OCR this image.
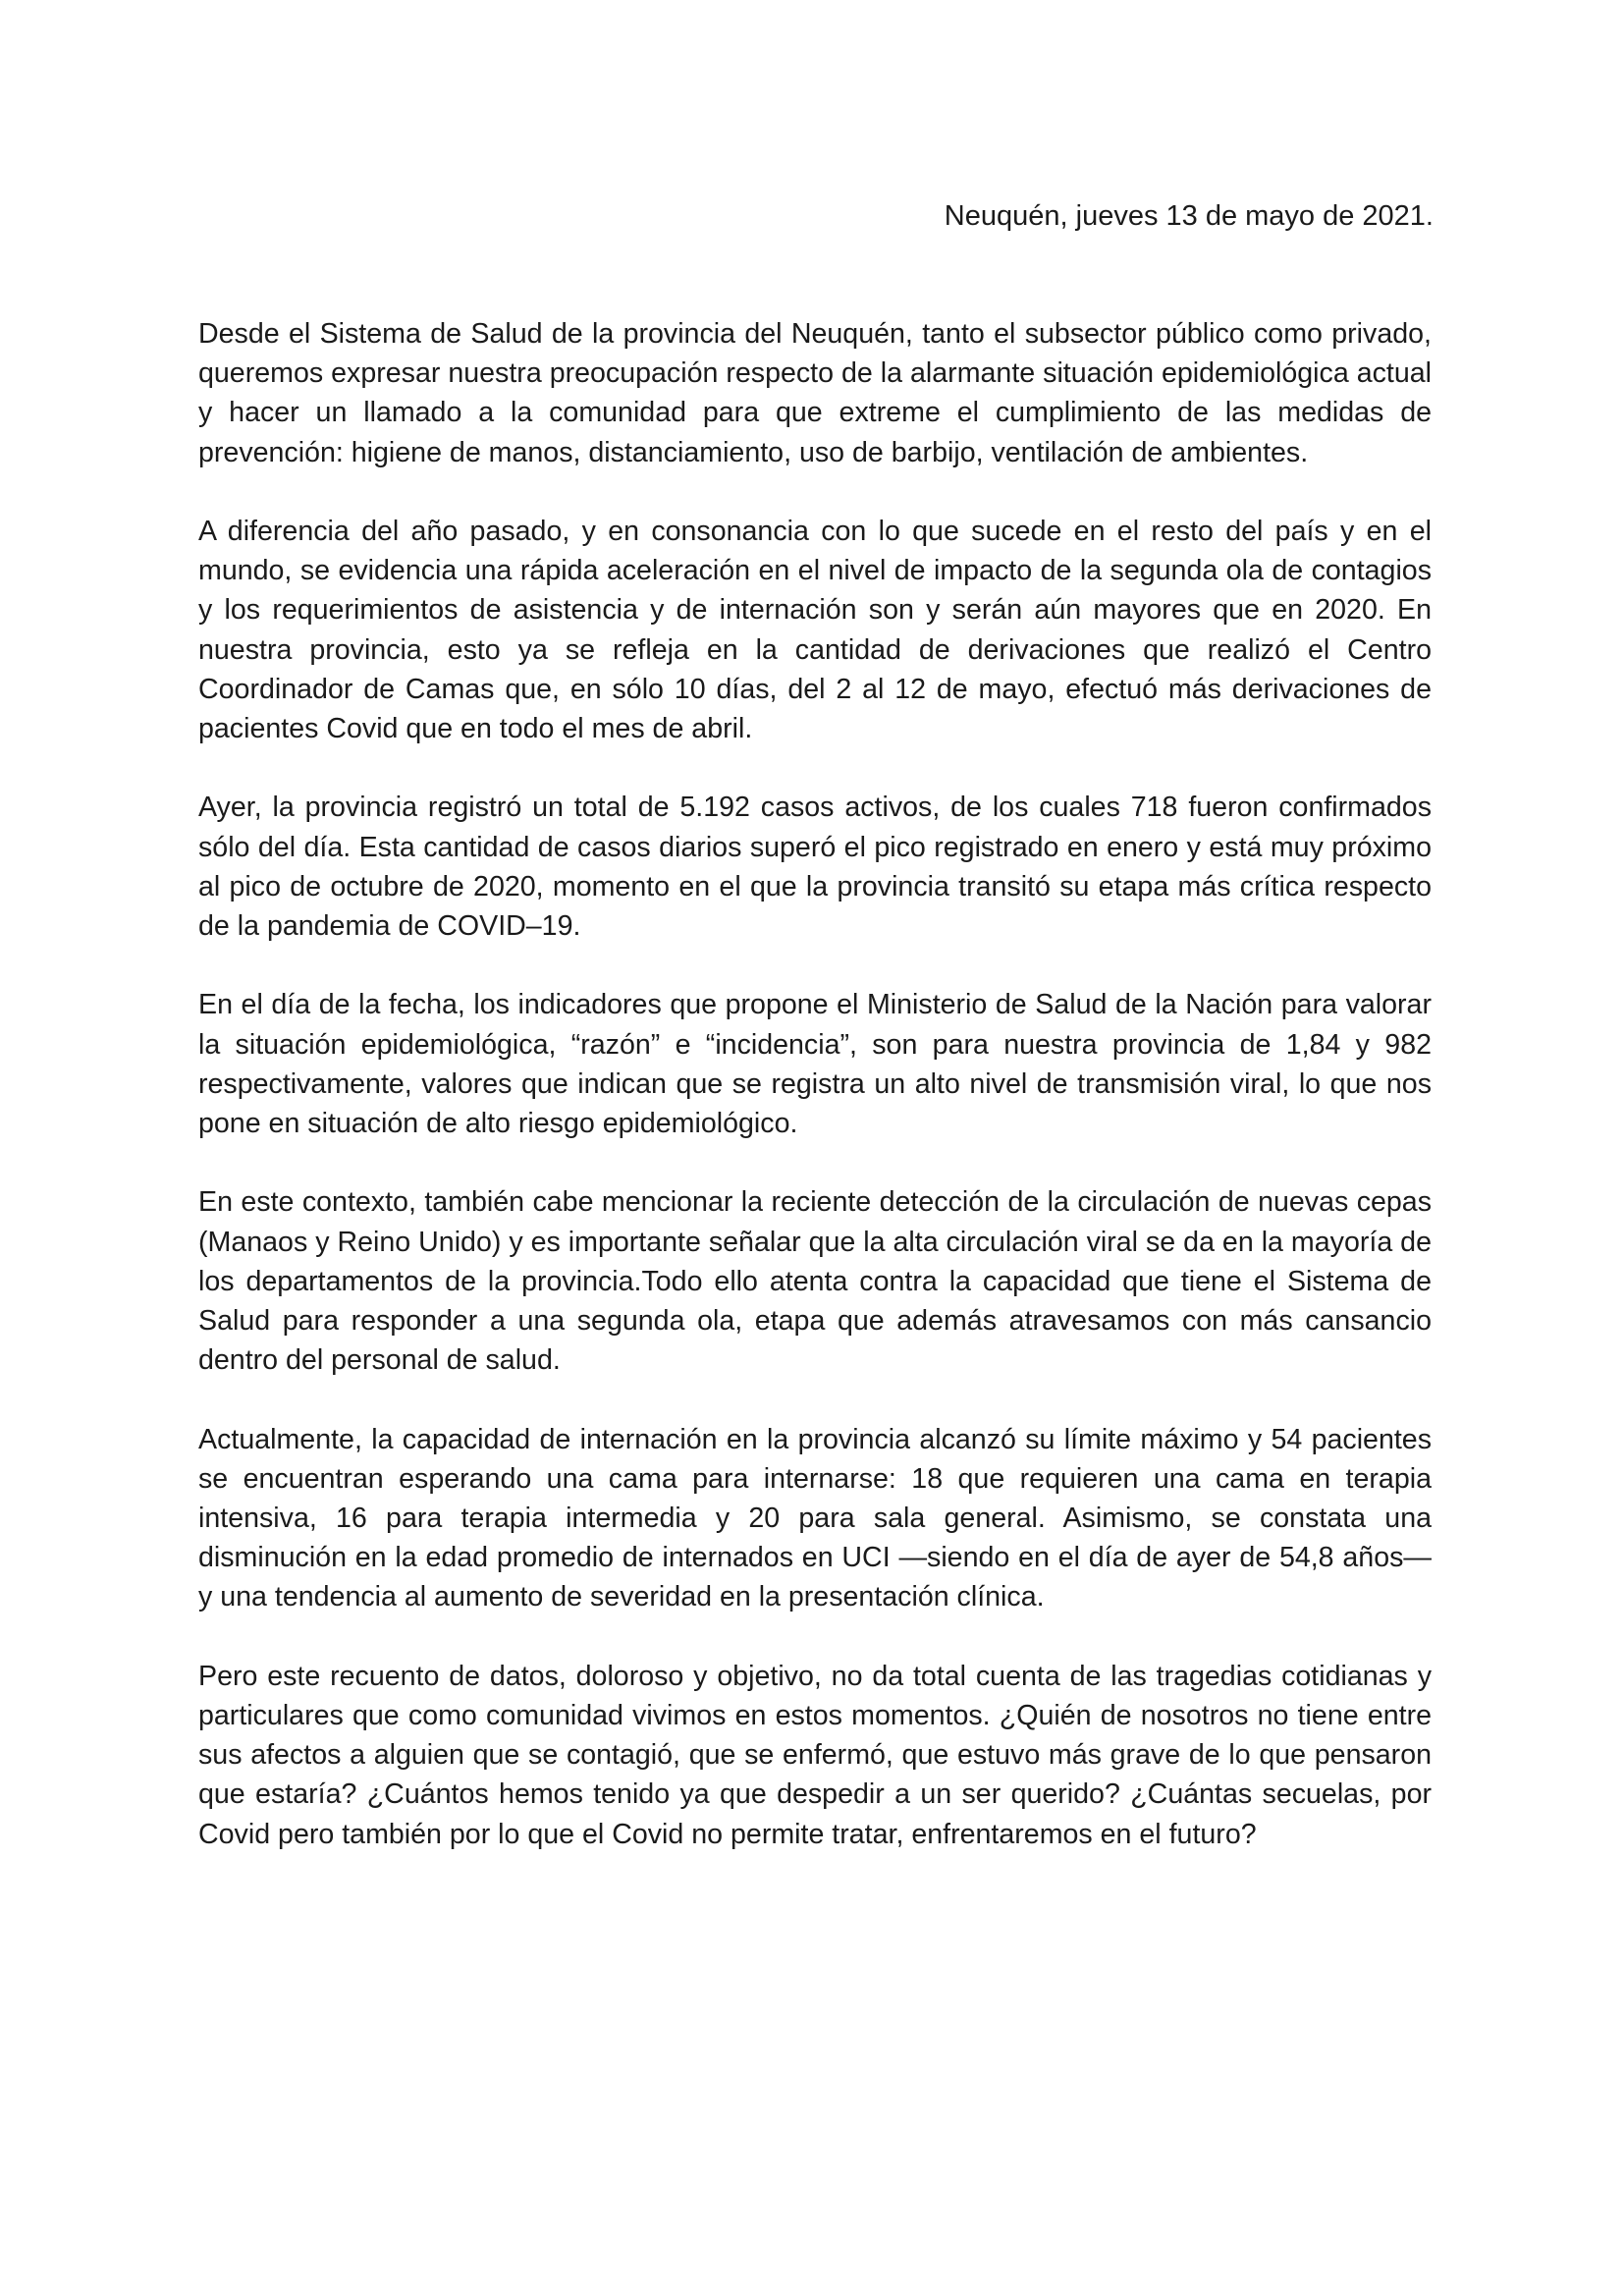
Neuquén, jueves 13 de mayo de 2021.

Desde el Sistema de Salud de la provincia del Neuquén, tanto el subsector público como privado, queremos expresar nuestra preocupación respecto de la alarmante situación epidemiológica actual y hacer un llamado a la comunidad para que extreme el cumplimiento de las medidas de prevención: higiene de manos, distanciamiento, uso de barbijo, ventilación de ambientes.

A diferencia del año pasado, y en consonancia con lo que sucede en el resto del país y en el mundo, se evidencia una rápida aceleración en el nivel de impacto de la segunda ola de contagios y los requerimientos de asistencia y de internación son y serán aún mayores que en 2020. En nuestra provincia, esto ya se refleja en la cantidad de derivaciones que realizó el Centro Coordinador de Camas que, en sólo 10 días, del 2 al 12 de mayo, efectuó más derivaciones de pacientes Covid que en todo el mes de abril.

Ayer, la provincia registró un total de 5.192 casos activos, de los cuales 718 fueron confirmados sólo del día. Esta cantidad de casos diarios superó el pico registrado en enero y está muy próximo al pico de octubre de 2020, momento en el que la provincia transitó su etapa más crítica respecto de la pandemia de COVID–19.

En el día de la fecha, los indicadores que propone el Ministerio de Salud de la Nación para valorar la situación epidemiológica, “razón” e “incidencia”, son para nuestra provincia de 1,84 y 982 respectivamente, valores que indican que se registra un alto nivel de transmisión viral, lo que nos pone en situación de alto riesgo epidemiológico.

En este contexto, también cabe mencionar la reciente detección de la circulación de nuevas cepas (Manaos y Reino Unido) y es importante señalar que la alta circulación viral se da en la mayoría de los departamentos de la provincia.Todo ello atenta contra la capacidad que tiene el Sistema de Salud para responder a una segunda ola, etapa que además atravesamos con más cansancio dentro del personal de salud.

Actualmente, la capacidad de internación en la provincia alcanzó su límite máximo y 54 pacientes se encuentran esperando una cama para internarse: 18 que requieren una cama en terapia intensiva, 16 para terapia intermedia y 20 para sala general. Asimismo, se constata una disminución en la edad promedio de internados en UCI —siendo en el día de ayer de 54,8 años— y una tendencia al aumento de severidad en la presentación clínica.

Pero este recuento de datos, doloroso y objetivo, no da total cuenta de las tragedias cotidianas y particulares que como comunidad vivimos en estos momentos. ¿Quién de nosotros no tiene entre sus afectos a alguien que se contagió, que se enfermó, que estuvo más grave de lo que pensaron que estaría? ¿Cuántos hemos tenido ya que despedir a un ser querido? ¿Cuántas secuelas, por Covid pero también por lo que el Covid no permite tratar, enfrentaremos en el futuro?
